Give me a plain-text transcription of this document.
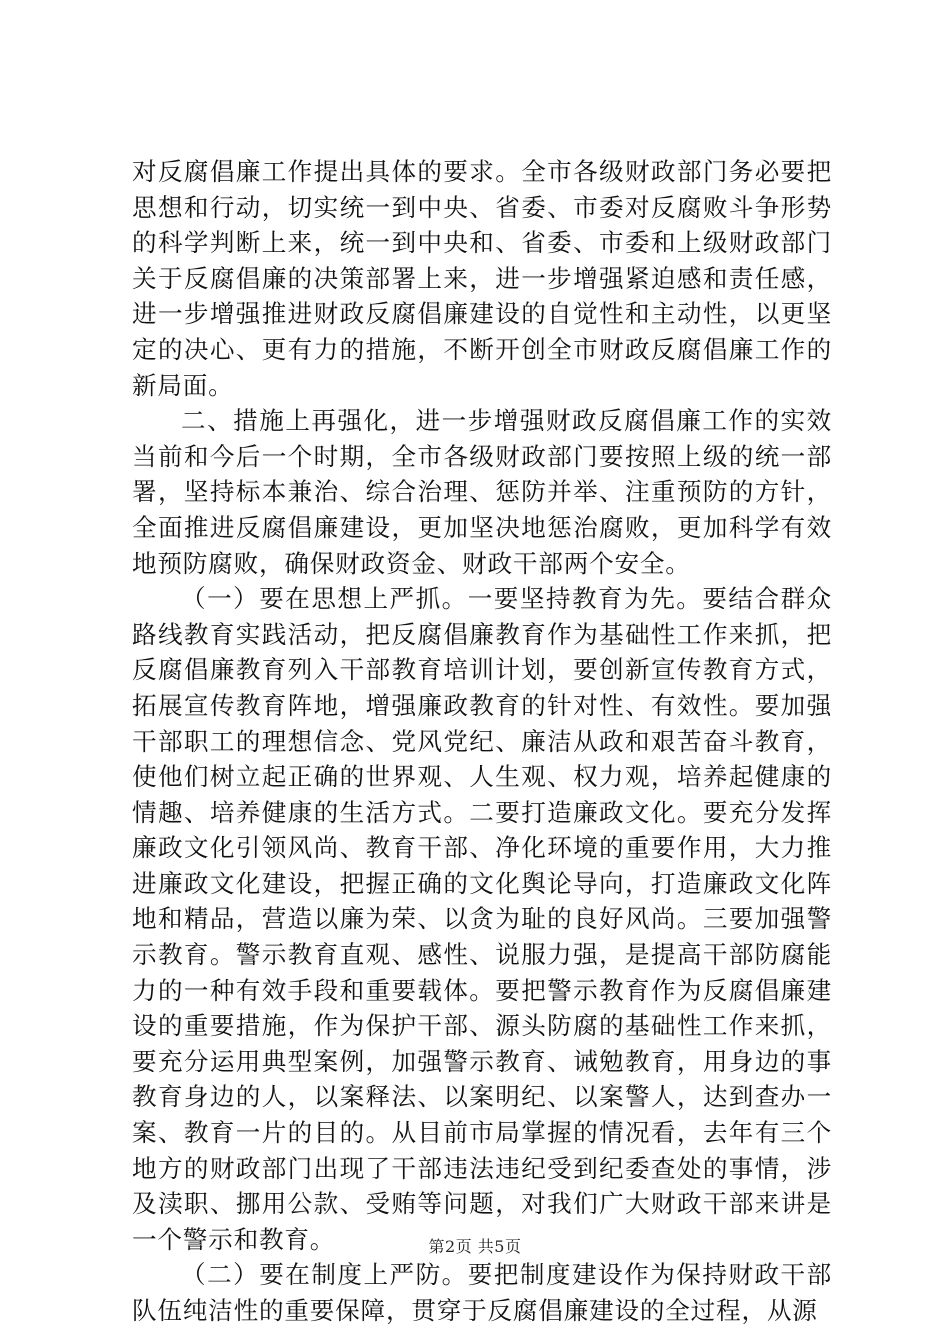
对反腐倡廉工作提出具体的要求。全市各级财政部门务必要把思想和行动，切实统一到中央、省委、市委对反腐败斗争形势的科学判断上来，统一到中央和、省委、市委和上级财政部门关于反腐倡廉的决策部署上来，进一步增强紧迫感和责任感，进一步增强推进财政反腐倡廉建设的自觉性和主动性，以更坚定的决心、更有力的措施，不断开创全市财政反腐倡廉工作的新局面。

二、措施上再强化，进一步增强财政反腐倡廉工作的实效当前和今后一个时期，全市各级财政部门要按照上级的统一部署，坚持标本兼治、综合治理、惩防并举、注重预防的方针，全面推进反腐倡廉建设，更加坚决地惩治腐败，更加科学有效地预防腐败，确保财政资金、财政干部两个安全。

（一）要在思想上严抓。一要坚持教育为先。要结合群众路线教育实践活动，把反腐倡廉教育作为基础性工作来抓，把反腐倡廉教育列入干部教育培训计划，要创新宣传教育方式，拓展宣传教育阵地，增强廉政教育的针对性、有效性。要加强干部职工的理想信念、党风党纪、廉洁从政和艰苦奋斗教育，使他们树立起正确的世界观、人生观、权力观，培养起健康的情趣、培养健康的生活方式。二要打造廉政文化。要充分发挥廉政文化引领风尚、教育干部、净化环境的重要作用，大力推进廉政文化建设，把握正确的文化舆论导向，打造廉政文化阵地和精品，营造以廉为荣、以贪为耻的良好风尚。三要加强警示教育。警示教育直观、感性、说服力强，是提高干部防腐能力的一种有效手段和重要载体。要把警示教育作为反腐倡廉建设的重要措施，作为保护干部、源头防腐的基础性工作来抓，要充分运用典型案例，加强警示教育、诫勉教育，用身边的事教育身边的人，以案释法、以案明纪、以案警人，达到查办一案、教育一片的目的。从目前市局掌握的情况看，去年有三个地方的财政部门出现了干部违法违纪受到纪委查处的事情，涉及渎职、挪用公款、受贿等问题，对我们广大财政干部来讲是一个警示和教育。

（二）要在制度上严防。要把制度建设作为保持财政干部队伍纯洁性的重要保障，贯穿于反腐倡廉建设的全过程，从源

第2页 共5页
